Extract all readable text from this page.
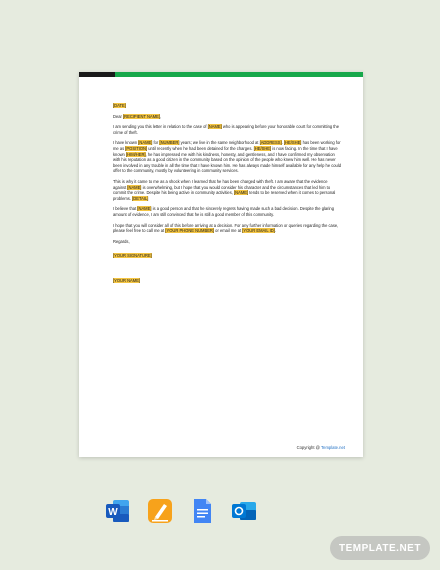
[DATE]

Dear [RECIPIENT NAME],

I am sending you this letter in relation to the case of [NAME] who is appearing before your honorable court for committing the crime of theft.

I have known [NAME] for [NUMBER] years; we live in the same neighborhood at [ADDRESS]. [HE/SHE] has been working for me as [POSITION] until recently when he had been detained for the charges. [HE/SHE] is now facing. In the time that I have known [HIM/HER], he has impressed me with his kindness, honesty, and gentleness, and I have confirmed my observation with his reputation as a good citizen in the community based on the opinion of the people who knew him well. He has never been involved in any trouble in all the time that I have known him. He has always made himself available for any help he could offer to the community, mostly by volunteering in community services.

This is why it came to me as a shock when I learned that he has been charged with theft. I am aware that the evidence against [NAME] is overwhelming, but I hope that you would consider his character and the circumstances that led him to commit the crime. Despite his being active in community activities, [NAME] tends to be reserved when it comes to personal problems. [DETAIL]

I believe that [NAME] is a good person and that he sincerely regrets having made such a bad decision. Despite the glaring amount of evidence, I am still convinced that he is still a good member of this community.

I hope that you will consider all of this before arriving at a decision. For any further information or queries regarding the case, please feel free to call me at [YOUR PHONE NUMBER] or email me at [YOUR EMAIL ID].

Regards,

[YOUR SIGNATURE]

[YOUR NAME]

Copyright @ Template.net
W
TEMPLATE.NET
